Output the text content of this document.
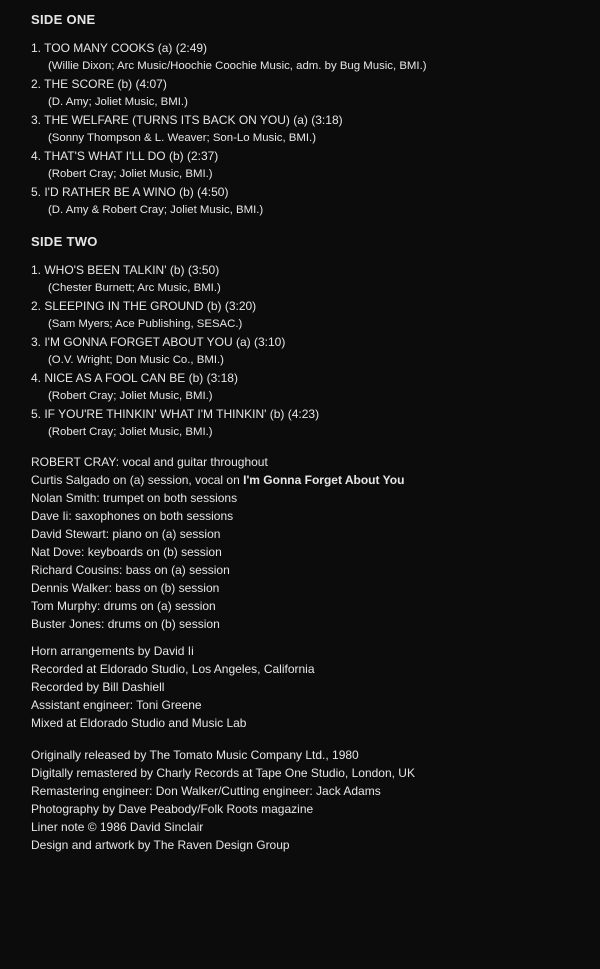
SIDE ONE
1. TOO MANY COOKS (a) (2:49)
(Willie Dixon; Arc Music/Hoochie Coochie Music, adm. by Bug Music, BMI.)
2. THE SCORE (b) (4:07)
(D. Amy; Joliet Music, BMI.)
3. THE WELFARE (TURNS ITS BACK ON YOU) (a) (3:18)
(Sonny Thompson & L. Weaver; Son-Lo Music, BMI.)
4. THAT'S WHAT I'LL DO (b) (2:37)
(Robert Cray; Joliet Music, BMI.)
5. I'D RATHER BE A WINO (b) (4:50)
(D. Amy & Robert Cray; Joliet Music, BMI.)
SIDE TWO
1. WHO'S BEEN TALKIN' (b) (3:50)
(Chester Burnett; Arc Music, BMI.)
2. SLEEPING IN THE GROUND (b) (3:20)
(Sam Myers; Ace Publishing, SESAC.)
3. I'M GONNA FORGET ABOUT YOU (a) (3:10)
(O.V. Wright; Don Music Co., BMI.)
4. NICE AS A FOOL CAN BE (b) (3:18)
(Robert Cray; Joliet Music, BMI.)
5. IF YOU'RE THINKIN' WHAT I'M THINKIN' (b) (4:23)
(Robert Cray; Joliet Music, BMI.)
ROBERT CRAY: vocal and guitar throughout
Curtis Salgado on (a) session, vocal on I'm Gonna Forget About You
Nolan Smith: trumpet on both sessions
Dave Ii: saxophones on both sessions
David Stewart: piano on (a) session
Nat Dove: keyboards on (b) session
Richard Cousins: bass on (a) session
Dennis Walker: bass on (b) session
Tom Murphy: drums on (a) session
Buster Jones: drums on (b) session
Horn arrangements by David Ii
Recorded at Eldorado Studio, Los Angeles, California
Recorded by Bill Dashiell
Assistant engineer: Toni Greene
Mixed at Eldorado Studio and Music Lab
Originally released by The Tomato Music Company Ltd., 1980
Digitally remastered by Charly Records at Tape One Studio, London, UK
Remastering engineer: Don Walker/Cutting engineer: Jack Adams
Photography by Dave Peabody/Folk Roots magazine
Liner note © 1986 David Sinclair
Design and artwork by The Raven Design Group
